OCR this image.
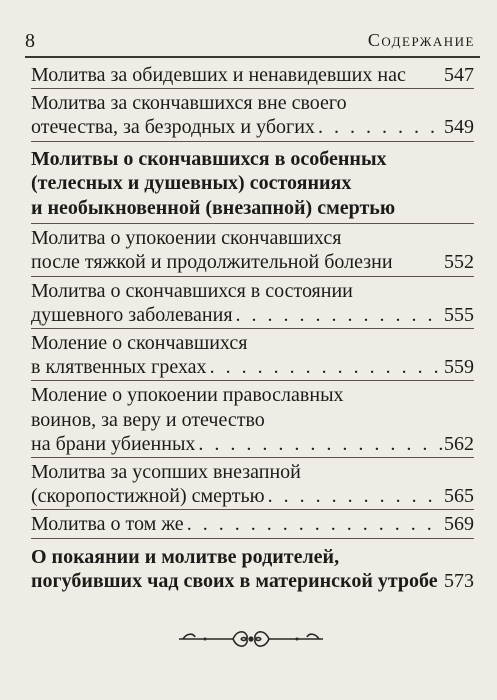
8	Содержание
Молитва за обидевших и ненавидевших нас	547
Молитва за скончавшихся вне своего
отечества, за безродных и убогих . . .	549
Молитвы о скончавшихся в особенных
(телесных и душевных) состояниях
и необыкновенной (внезапной) смертью
Молитва о упокоении скончавшихся
после тяжкой и продолжительной болезни	552
Молитва о скончавшихся в состоянии
душевного заболевания . . .	555
Моление о скончавшихся
в клятвенных грехах . . .	559
Моление о упокоении православных
воинов, за веру и отечество
на брани убиенных . . .	562
Молитва за усопших внезапной
(скоропостижной) смертью . . .	565
Молитва о том же . . .	569
О покаянии и молитве родителей,
погубивших чад своих в материнской утробе 573
